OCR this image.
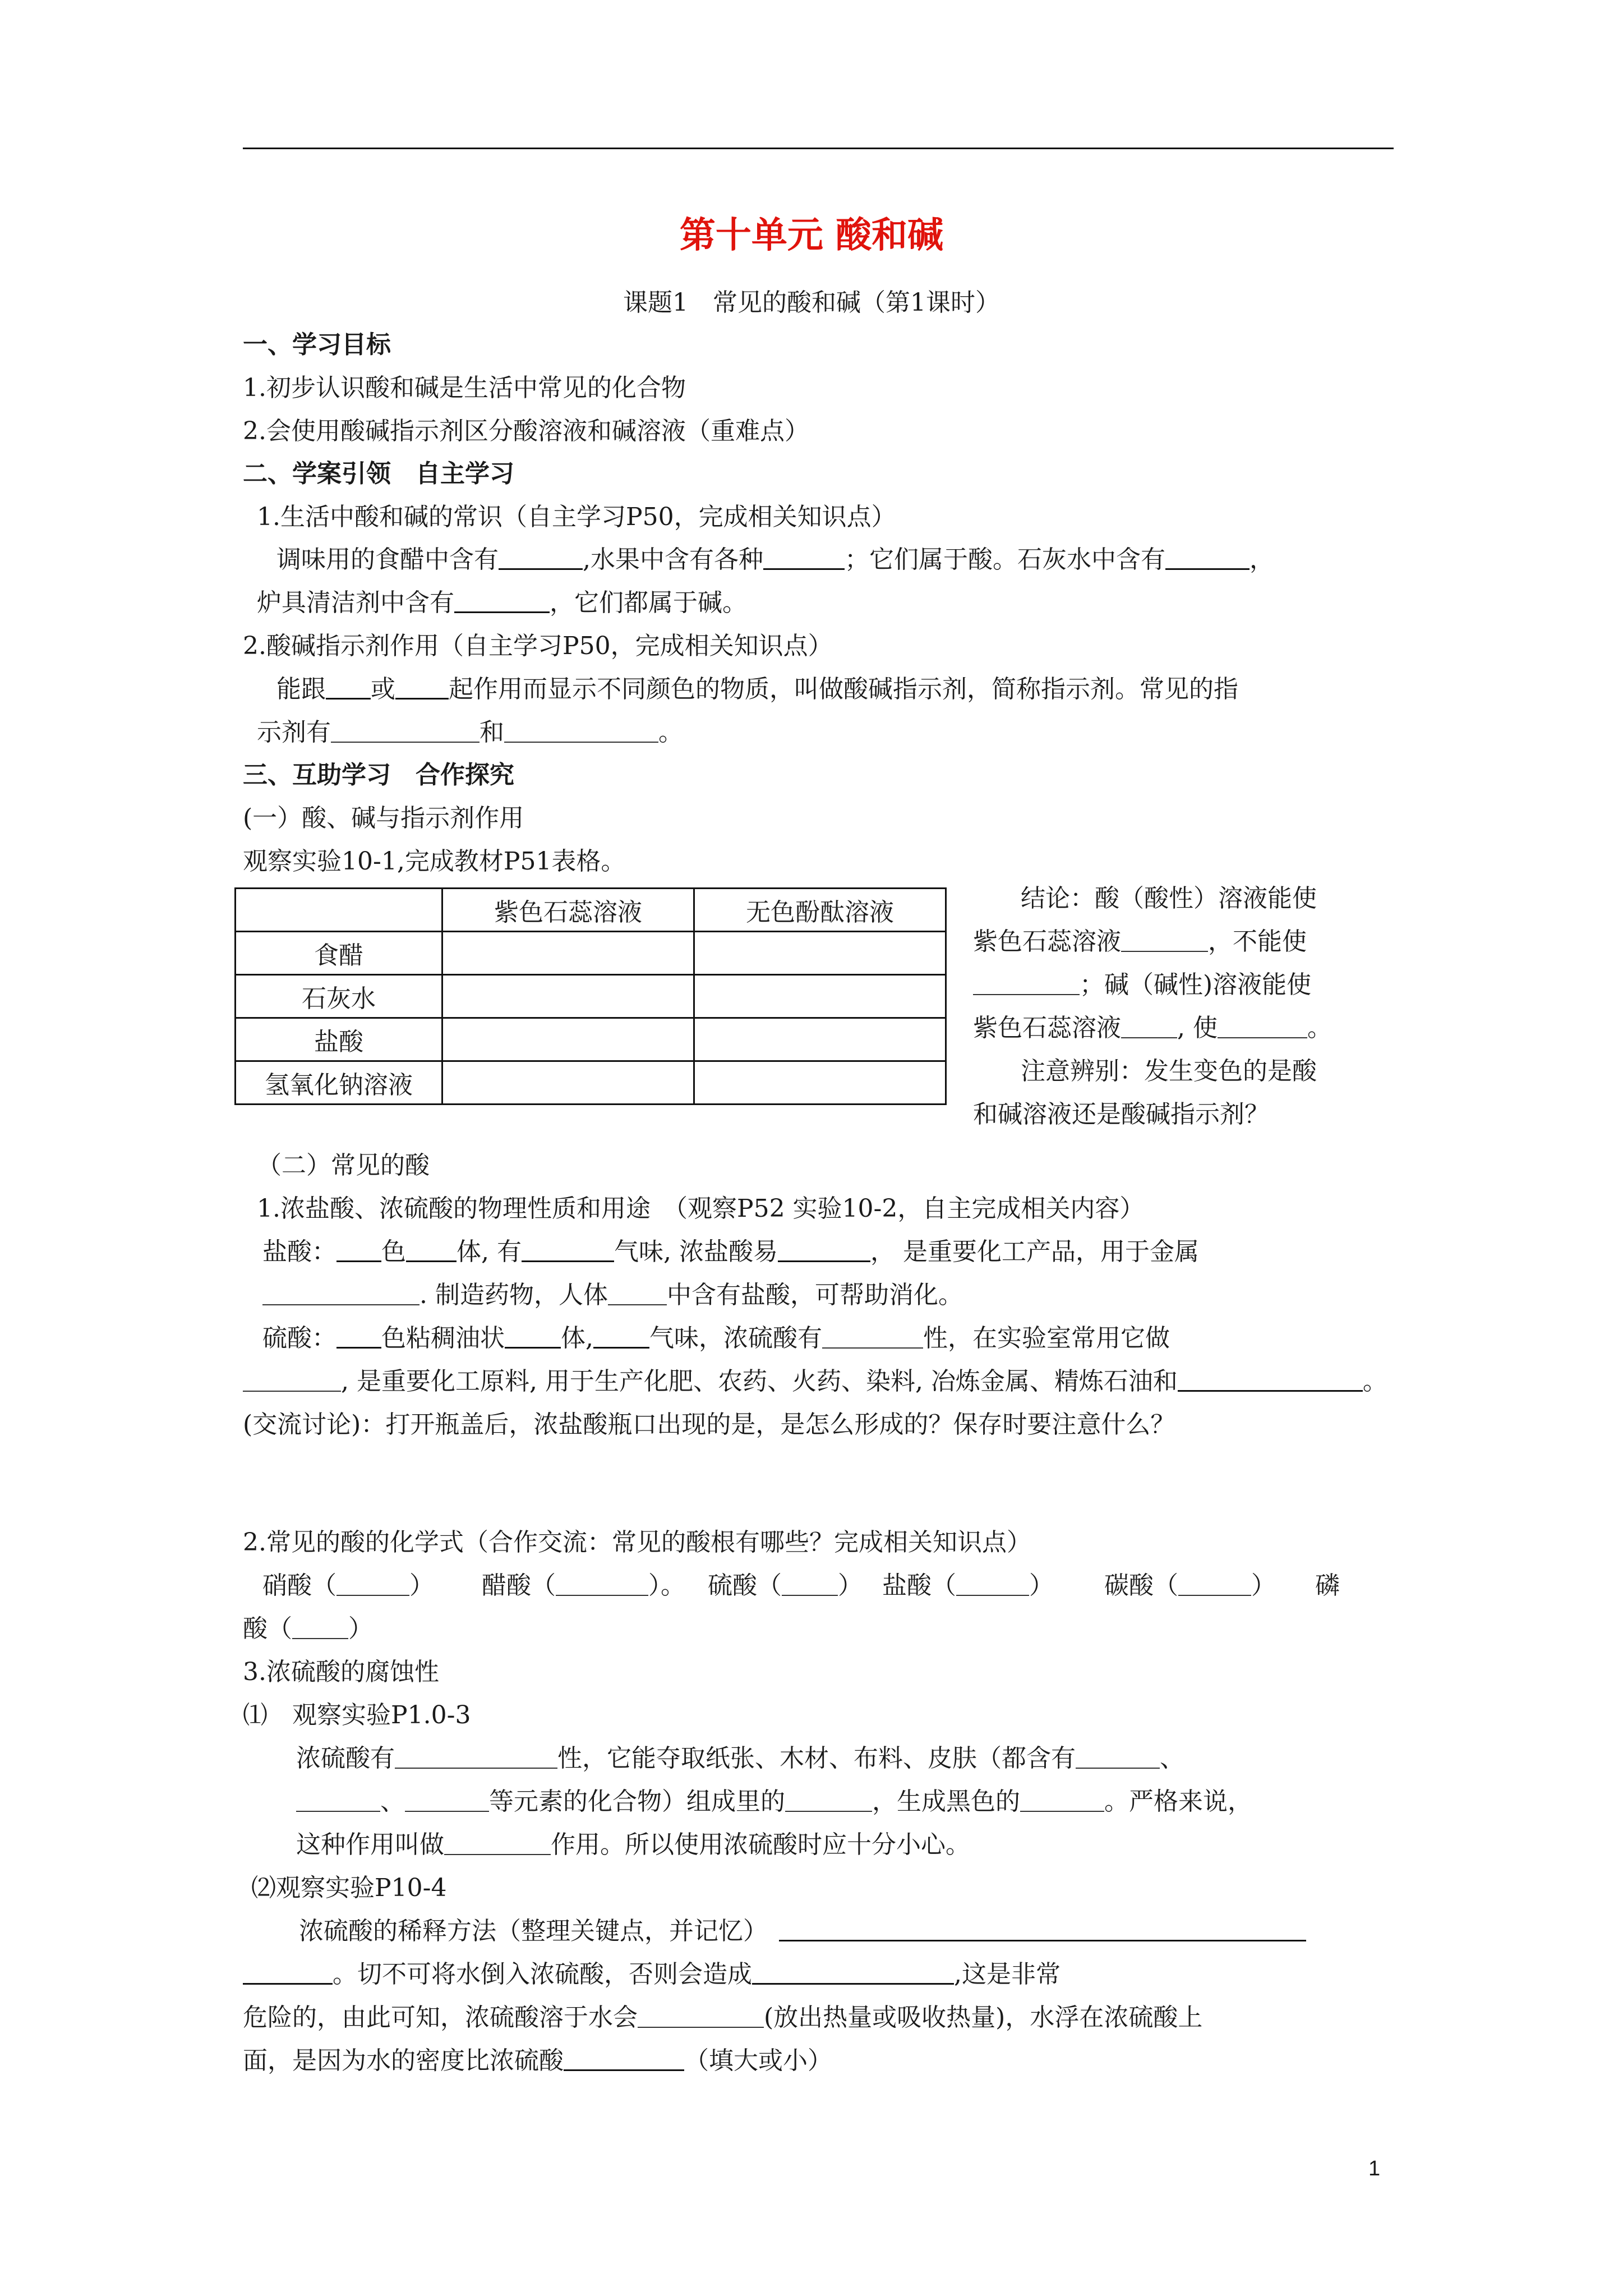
第十单元 酸和碱
课题1　常见的酸和碱（第1课时）
一、学习目标
1.初步认识酸和碱是生活中常见的化合物
2.会使用酸碱指示剂区分酸溶液和碱溶液（重难点）
二、学案引领　自主学习
1.生活中酸和碱的常识（自主学习P50，完成相关知识点）
调味用的食醋中含有	,水果中含有各种	；它们属于酸。石灰水中含有	，
炉具清洁剂中含有	，它们都属于碱。
2.酸碱指示剂作用（自主学习P50，完成相关知识点）
能跟 或 起作用而显示不同颜色的物质，叫做酸碱指示剂，简称指示剂。常见的指
示剂有	和	。
三、互助学习　合作探究
(一）酸、碱与指示剂作用
观察实验10-1,完成教材P51表格。
	紫色石蕊溶液	无色酚酞溶液
食醋		
石灰水		
盐酸		
氢氧化钠溶液		
结论：酸（酸性）溶液能使
紫色石蕊溶液	，不能使
；碱（碱性)溶液能使
紫色石蕊溶液 , 使	。
注意辨别：发生变色的是酸
和碱溶液还是酸碱指示剂？
（二）常见的酸
1.浓盐酸、浓硫酸的物理性质和用途　（观察P52 实验10-2，自主完成相关内容）
盐酸： 色 体, 有	气味, 浓盐酸易	， 是重要化工产品，用于金属
. 制造药物，人体 中含有盐酸，可帮助消化。
硫酸： 色粘稠油状 体, 气味，浓硫酸有	性，在实验室常用它做
, 是重要化工原料, 用于生产化肥、农药、火药、染料, 冶炼金属、精炼石油和	。
(交流讨论)：打开瓶盖后，浓盐酸瓶口出现的是，是怎么形成的？保存时要注意什么？
2.常见的酸的化学式（合作交流：常见的酸根有哪些？完成相关知识点）
硝酸（	） 醋酸（	）。 硫酸（ ） 盐酸（	） 碳酸（	） 磷
酸（ ）
3.浓硫酸的腐蚀性
⑴　观察实验P1.0-3
浓硫酸有	性，它能夺取纸张、木材、布料、皮肤（都含有	、
、	等元素的化合物）组成里的	，生成黑色的	。严格来说，
这种作用叫做	作用。所以使用浓硫酸时应十分小心。
⑵观察实验P10-4
浓硫酸的稀释方法（整理关键点，并记忆）
。切不可将水倒入浓硫酸，否则会造成	,这是非常
危险的，由此可知，浓硫酸溶于水会	(放出热量或吸收热量)，水浮在浓硫酸上
面，是因为水的密度比浓硫酸	（填大或小）
1
